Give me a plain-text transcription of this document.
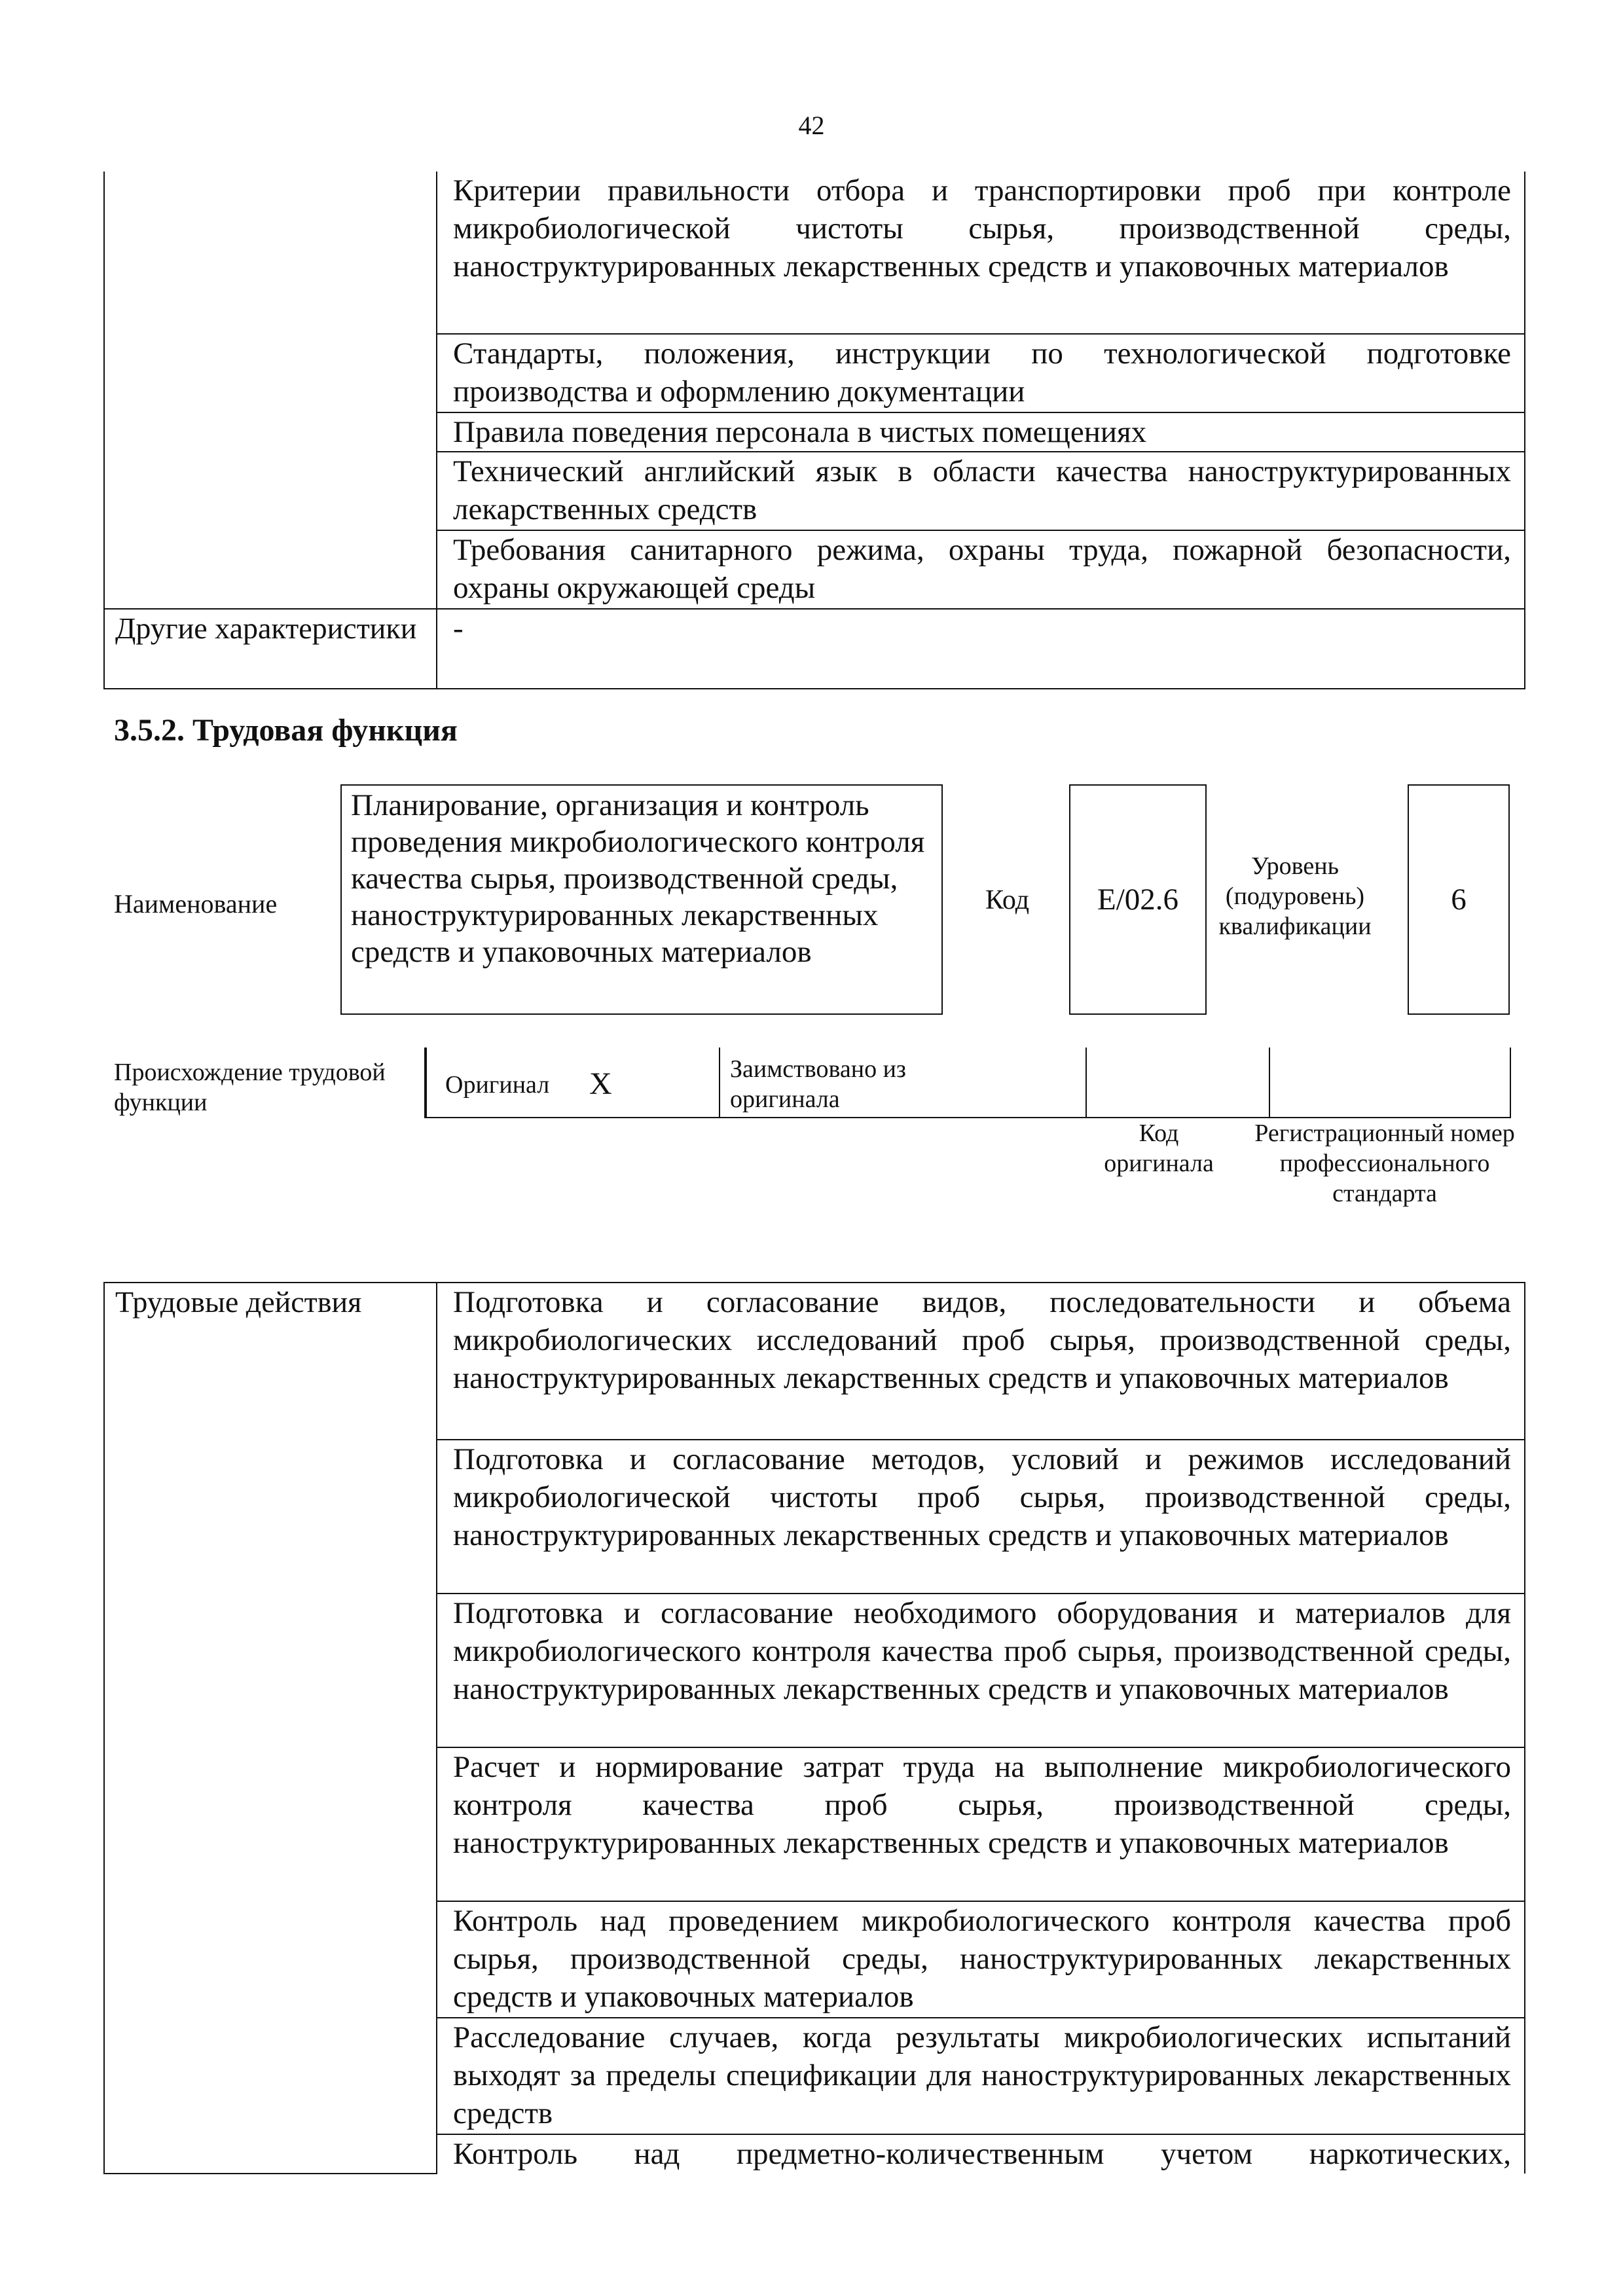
42

	Критерии правильности отбора и транспортировки проб при контроле микробиологической чистоты сырья, производственной среды, наноструктурированных лекарственных средств и упаковочных материалов

	Стандарты, положения, инструкции по технологической подготовке производства и оформлению документации

	Правила поведения персонала в чистых помещениях

	Технический английский язык в области качества наноструктурированных лекарственных средств

	Требования санитарного режима, охраны труда, пожарной безопасности, охраны окружающей среды

Другие характеристики	-
3.5.2. Трудовая функция
Наименование
Планирование, организация и контроль проведения микробиологического контроля качества сырья, производственной среды, наноструктурированных лекарственных средств и упаковочных материалов
Код E/02.6
Уровень (подуровень) квалификации
6
Происхождение трудовой функции
Оригинал X	Заимствовано из оригинала
Код оригинала
Регистрационный номер профессионального стандарта
Трудовые действия	Подготовка и согласование видов, последовательности и объема микробиологических исследований проб сырья, производственной среды, наноструктурированных лекарственных средств и упаковочных материалов

Подготовка и согласование методов, условий и режимов исследований микробиологической чистоты проб сырья, производственной среды, наноструктурированных лекарственных средств и упаковочных материалов

Подготовка и согласование необходимого оборудования и материалов для микробиологического контроля качества проб сырья, производственной среды, наноструктурированных лекарственных средств и упаковочных материалов

Расчет и нормирование затрат труда на выполнение микробиологического контроля качества проб сырья, производственной среды, наноструктурированных лекарственных средств и упаковочных материалов

Контроль над проведением микробиологического контроля качества проб сырья, производственной среды, наноструктурированных лекарственных средств и упаковочных материалов

Расследование случаев, когда результаты микробиологических испытаний выходят за пределы спецификации для наноструктурированных лекарственных средств

Контроль над предметно-количественным учетом наркотических,
